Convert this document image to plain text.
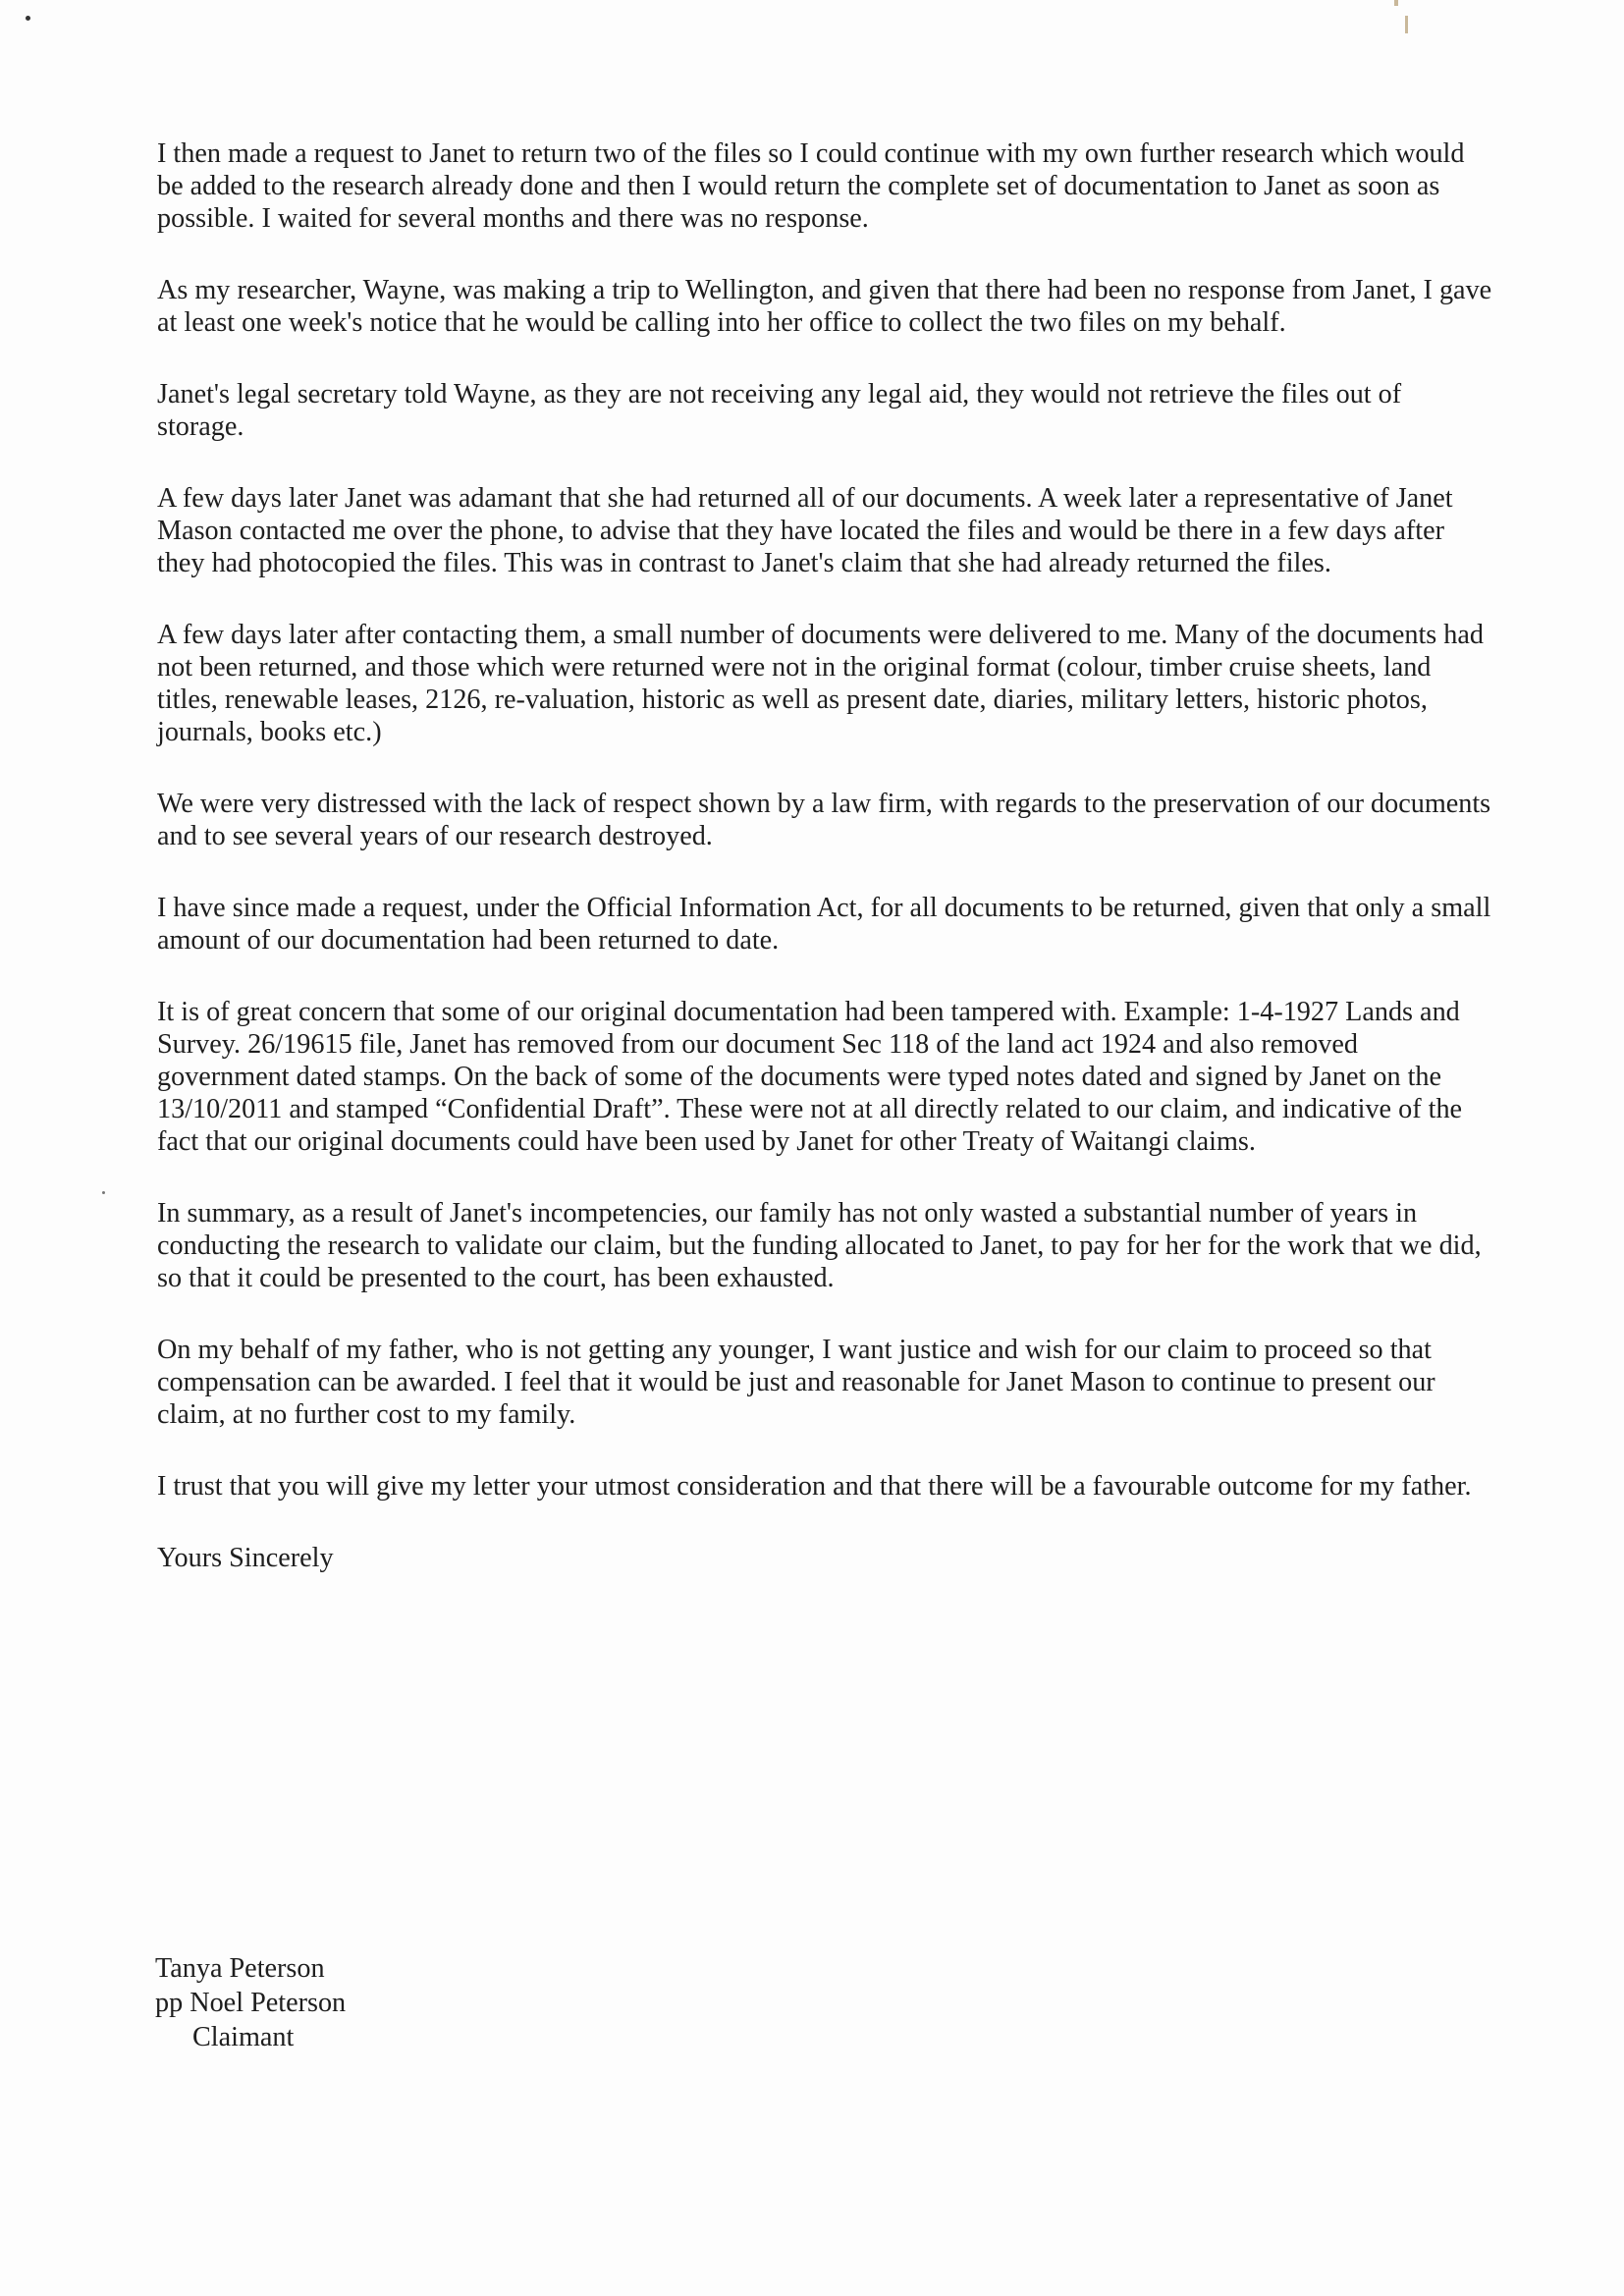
I then made a request to Janet to return two of the files so I could continue with my own further research which would be added to the research already done and then I would return the complete set of documentation to Janet as soon as possible. I waited for several months and there was no response.

As my researcher, Wayne, was making a trip to Wellington, and given that there had been no response from Janet, I gave at least one week's notice that he would be calling into her office to collect the two files on my behalf.

Janet's legal secretary told Wayne, as they are not receiving any legal aid, they would not retrieve the files out of storage.

A few days later Janet was adamant that she had returned all of our documents. A week later a representative of Janet Mason contacted me over the phone, to advise that they have located the files and would be there in a few days after they had photocopied the files. This was in contrast to Janet's claim that she had already returned the files.

A few days later after contacting them, a small number of documents were delivered to me. Many of the documents had not been returned, and those which were returned were not in the original format (colour, timber cruise sheets, land titles, renewable leases, 2126, re-valuation, historic as well as present date, diaries, military letters, historic photos, journals, books etc.)

We were very distressed with the lack of respect shown by a law firm, with regards to the preservation of our documents and to see several years of our research destroyed.

I have since made a request, under the Official Information Act, for all documents to be returned, given that only a small amount of our documentation had been returned to date.

It is of great concern that some of our original documentation had been tampered with. Example: 1-4-1927 Lands and Survey. 26/19615 file, Janet has removed from our document Sec 118 of the land act 1924 and also removed government dated stamps. On the back of some of the documents were typed notes dated and signed by Janet on the 13/10/2011 and stamped “Confidential Draft”. These were not at all directly related to our claim, and indicative of the fact that our original documents could have been used by Janet for other Treaty of Waitangi claims.

In summary, as a result of Janet's incompetencies, our family has not only wasted a substantial number of years in conducting the research to validate our claim, but the funding allocated to Janet, to pay for her for the work that we did, so that it could be presented to the court, has been exhausted.

On my behalf of my father, who is not getting any younger, I want justice and wish for our claim to proceed so that compensation can be awarded. I feel that it would be just and reasonable for Janet Mason to continue to present our claim, at no further cost to my family.

I trust that you will give my letter your utmost consideration and that there will be a favourable outcome for my father.

Yours Sincerely

Tanya Peterson
pp Noel Peterson
Claimant
